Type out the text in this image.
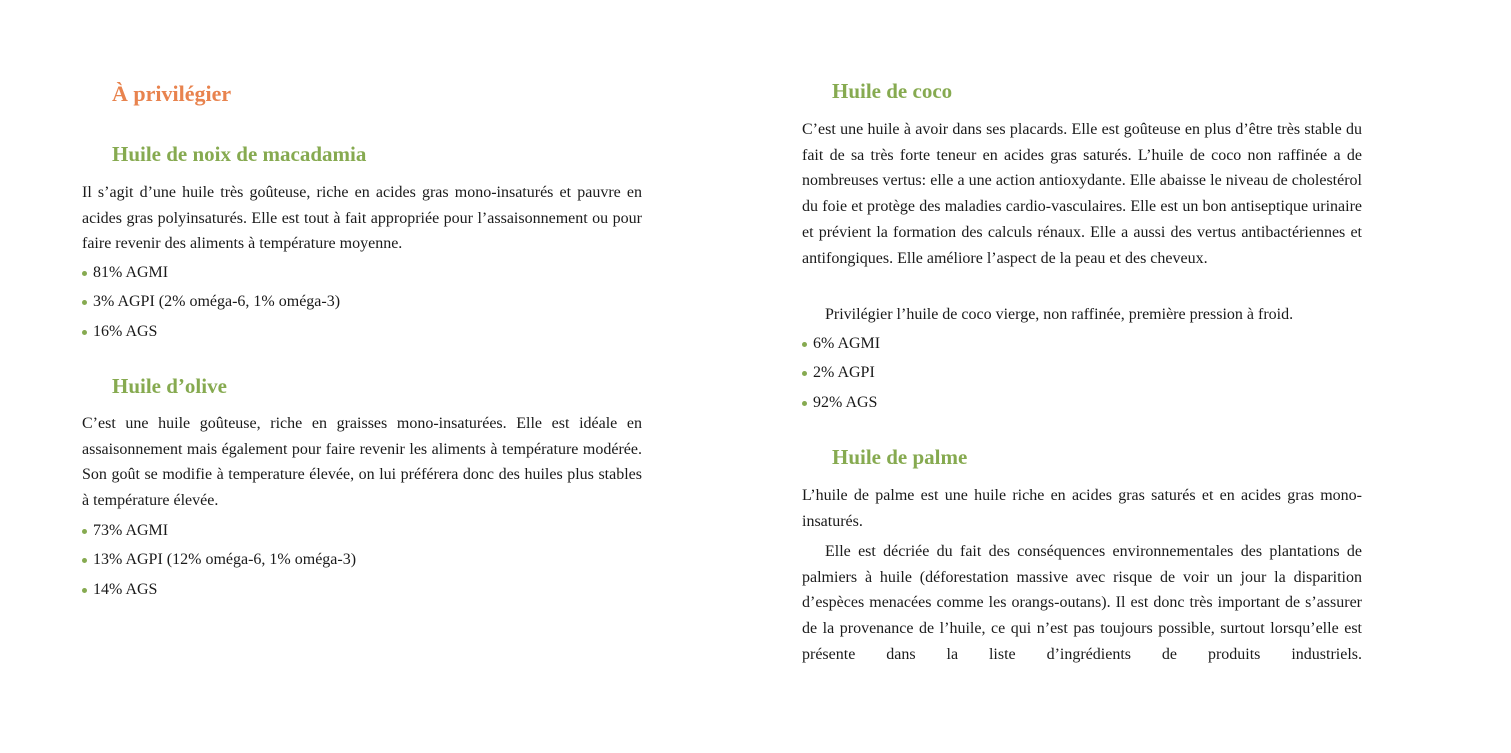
À privilégier
Huile de noix de macadamia

Il s’agit d’une huile très goûteuse, riche en acides gras mono-insaturés et pauvre en acides gras polyinsaturés. Elle est tout à fait appropriée pour l’assaisonnement ou pour faire revenir des aliments à température moyenne.

81% AGMI
3% AGPI (2% oméga-6, 1% oméga-3)
16% AGS
Huile d’olive

C’est une huile goûteuse, riche en graisses mono-insaturées. Elle est idéale en assaisonnement mais également pour faire revenir les aliments à température modérée. Son goût se modifie à temperature élevée, on lui préférera donc des huiles plus stables à température élevée.

73% AGMI
13% AGPI (12% oméga-6, 1% oméga-3)
14% AGS
Huile de coco

C’est une huile à avoir dans ses placards. Elle est goûteuse en plus d’être très stable du fait de sa très forte teneur en acides gras saturés. L’huile de coco non raffinée a de nombreuses vertus: elle a une action antioxydante. Elle abaisse le niveau de cholestérol du foie et protège des maladies cardio-vasculaires. Elle est un bon antiseptique urinaire et prévient la formation des calculs rénaux. Elle a aussi des vertus antibactériennes et antifongiques. Elle améliore l’aspect de la peau et des cheveux.

Privilégier l’huile de coco vierge, non raffinée, première pression à froid.

6% AGMI
2% AGPI
92% AGS
Huile de palme

L’huile de palme est une huile riche en acides gras saturés et en acides gras mono-insaturés.

Elle est décriée du fait des conséquences environnementales des plantations de palmiers à huile (déforestation massive avec risque de voir un jour la disparition d’espèces menacées comme les orangs-outans). Il est donc très important de s’assurer de la provenance de l’huile, ce qui n’est pas toujours possible, surtout lorsqu’elle est présente dans la liste d’ingrédients de produits industriels.
